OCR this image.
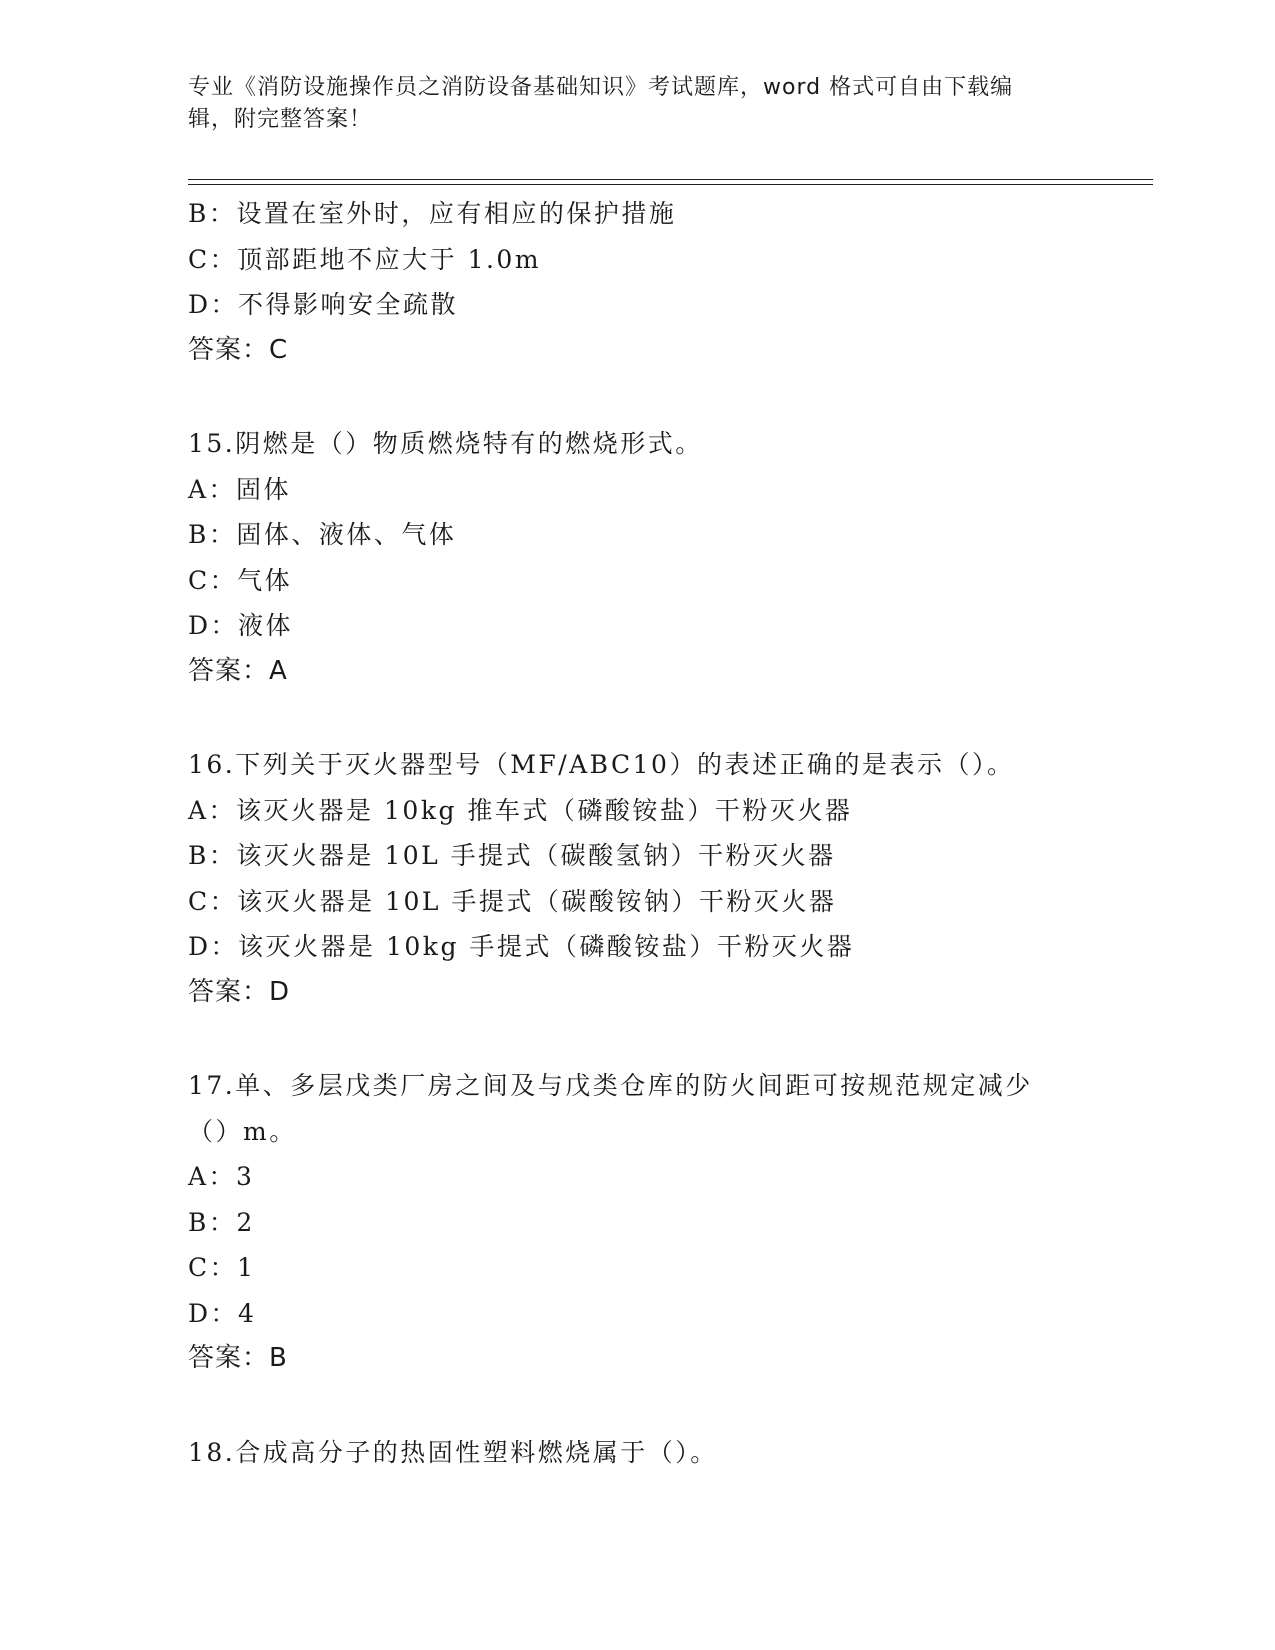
专业《消防设施操作员之消防设备基础知识》考试题库，word 格式可自由下载编
辑，附完整答案！
B：设置在室外时，应有相应的保护措施
C：顶部距地不应大于 1.0m
D：不得影响安全疏散
答案：C
15.阴燃是（）物质燃烧特有的燃烧形式。
A：固体
B：固体、液体、气体
C：气体
D：液体
答案：A
16.下列关于灭火器型号（MF/ABC10）的表述正确的是表示（）。
A：该灭火器是 10kg 推车式（磷酸铵盐）干粉灭火器
B：该灭火器是 10L 手提式（碳酸氢钠）干粉灭火器
C：该灭火器是 10L 手提式（碳酸铵钠）干粉灭火器
D：该灭火器是 10kg 手提式（磷酸铵盐）干粉灭火器
答案：D
17.单、多层戊类厂房之间及与戊类仓库的防火间距可按规范规定减少
（）m。
A：3
B：2
C：1
D：4
答案：B
18.合成高分子的热固性塑料燃烧属于（）。
